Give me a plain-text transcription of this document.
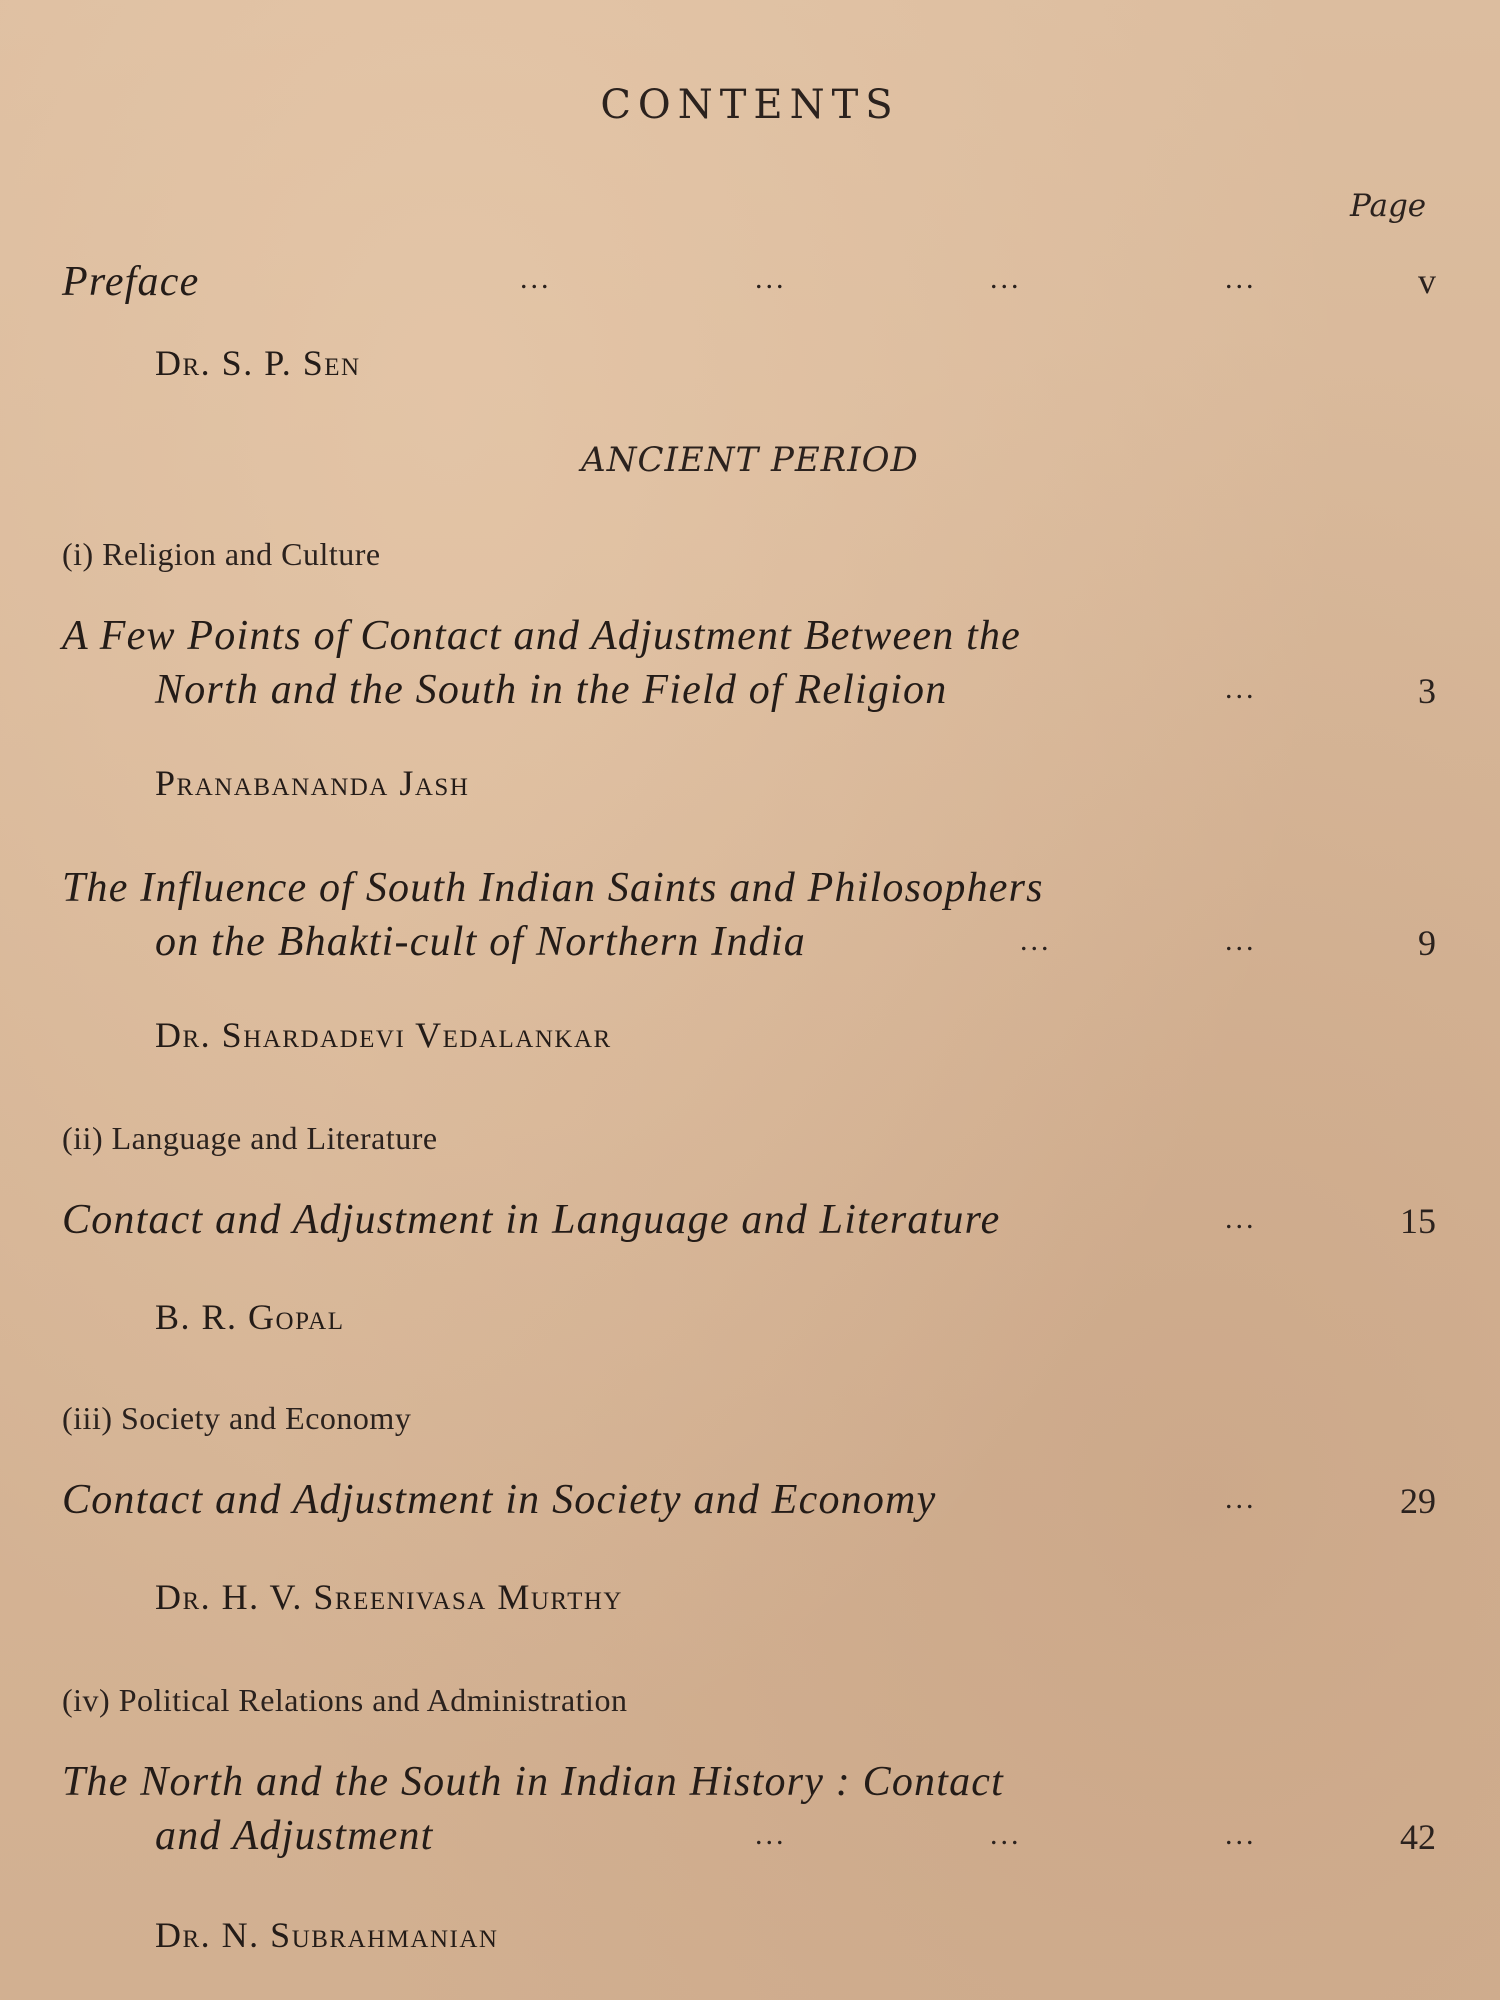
CONTENTS
Page
Preface	...	...	...	...	v
Dr. S. P. Sen
ANCIENT PERIOD
(i) Religion and Culture
A Few Points of Contact and Adjustment Between the
North and the South in the Field of Religion	...	3
Pranabananda Jash
The Influence of South Indian Saints and Philosophers
on the Bhakti-cult of Northern India	...	...	9
Dr. Shardadevi Vedalankar
(ii) Language and Literature
Contact and Adjustment in Language and Literature	...	15
B. R. Gopal
(iii) Society and Economy
Contact and Adjustment in Society and Economy	...	29
Dr. H. V. Sreenivasa Murthy
(iv) Political Relations and Administration
The North and the South in Indian History : Contact
and Adjustment	...	...	...	42
Dr. N. Subrahmanian
